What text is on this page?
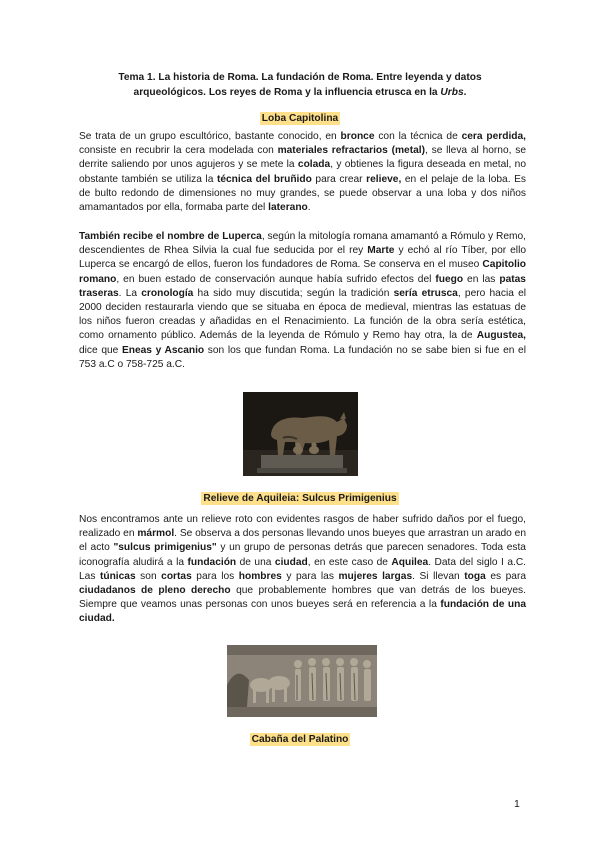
Tema 1. La historia de Roma. La fundación de Roma. Entre leyenda y datos
arqueológicos. Los reyes de Roma y la influencia etrusca en la Urbs.
Loba Capitolina
Se trata de un grupo escultórico, bastante conocido, en bronce con la técnica de cera perdida, consiste en recubrir la cera modelada con materiales refractarios (metal), se lleva al horno, se derrite saliendo por unos agujeros y se mete la colada, y obtienes la figura deseada en metal, no obstante también se utiliza la técnica del bruñido para crear relieve, en el pelaje de la loba. Es de bulto redondo de dimensiones no muy grandes, se puede observar a una loba y dos niños amamantados por ella, formaba parte del laterano.
También recibe el nombre de Luperca, según la mitología romana amamantó a Rómulo y Remo, descendientes de Rhea Silvia la cual fue seducida por el rey Marte y echó al río Tíber, por ello Luperca se encargó de ellos, fueron los fundadores de Roma. Se conserva en el museo Capitolio romano, en buen estado de conservación aunque había sufrido efectos del fuego en las patas traseras. La cronología ha sido muy discutida; según la tradición sería etrusca, pero hacia el 2000 deciden restaurarla viendo que se situaba en época de medieval, mientras las estatuas de los niños fueron creadas y añadidas en el Renacimiento. La función de la obra sería estética, como ornamento público. Además de la leyenda de Rómulo y Remo hay otra, la de Augustea, dice que Eneas y Ascanio son los que fundan Roma. La fundación no se sabe bien si fue en el 753 a.C o 758-725 a.C.
Relieve de Aquileia: Sulcus Primigenius
Nos encontramos ante un relieve roto con evidentes rasgos de haber sufrido daños por el fuego, realizado en mármol. Se observa a dos personas llevando unos bueyes que arrastran un arado en el acto "sulcus primigenius" y un grupo de personas detrás que parecen senadores. Toda esta iconografía aludirá a la fundación de una ciudad, en este caso de Aquilea. Data del siglo I a.C. Las túnicas son cortas para los hombres y para las mujeres largas. Si llevan toga es para ciudadanos de pleno derecho que probablemente hombres que van detrás de los bueyes. Siempre que veamos unas personas con unos bueyes será en referencia a la fundación de una ciudad.
Cabaña del Palatino
1
